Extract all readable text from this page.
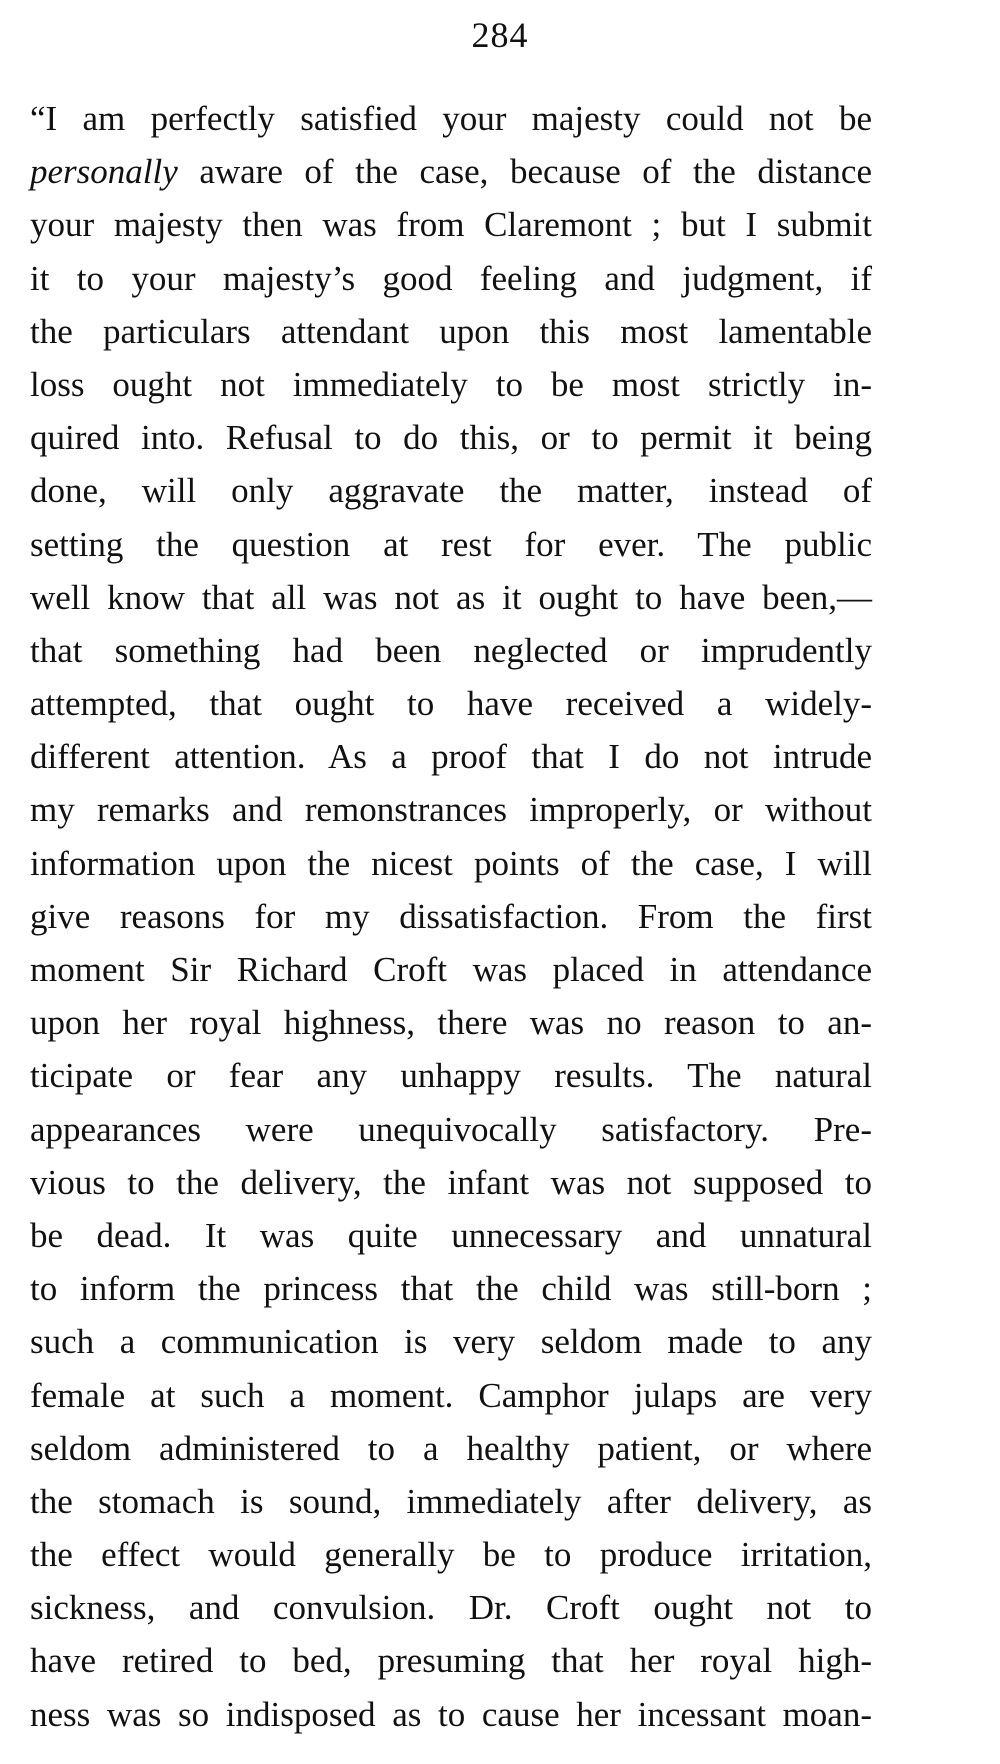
284
“I am perfectly satisfied your majesty could not be
personally aware of the case, because of the distance
your majesty then was from Claremont ; but I submit
it to your majesty’s good feeling and judgment, if
the particulars attendant upon this most lamentable
loss ought not immediately to be most strictly in-
quired into. Refusal to do this, or to permit it being
done, will only aggravate the matter, instead of
setting the question at rest for ever. The public
well know that all was not as it ought to have been,—
that something had been neglected or imprudently
attempted, that ought to have received a widely-
different attention. As a proof that I do not intrude
my remarks and remonstrances improperly, or without
information upon the nicest points of the case, I will
give reasons for my dissatisfaction. From the first
moment Sir Richard Croft was placed in attendance
upon her royal highness, there was no reason to an-
ticipate or fear any unhappy results. The natural
appearances were unequivocally satisfactory. Pre-
vious to the delivery, the infant was not supposed to
be dead. It was quite unnecessary and unnatural
to inform the princess that the child was still-born ;
such a communication is very seldom made to any
female at such a moment. Camphor julaps are very
seldom administered to a healthy patient, or where
the stomach is sound, immediately after delivery, as
the effect would generally be to produce irritation,
sickness, and convulsion. Dr. Croft ought not to
have retired to bed, presuming that her royal high-
ness was so indisposed as to cause her incessant moan-
